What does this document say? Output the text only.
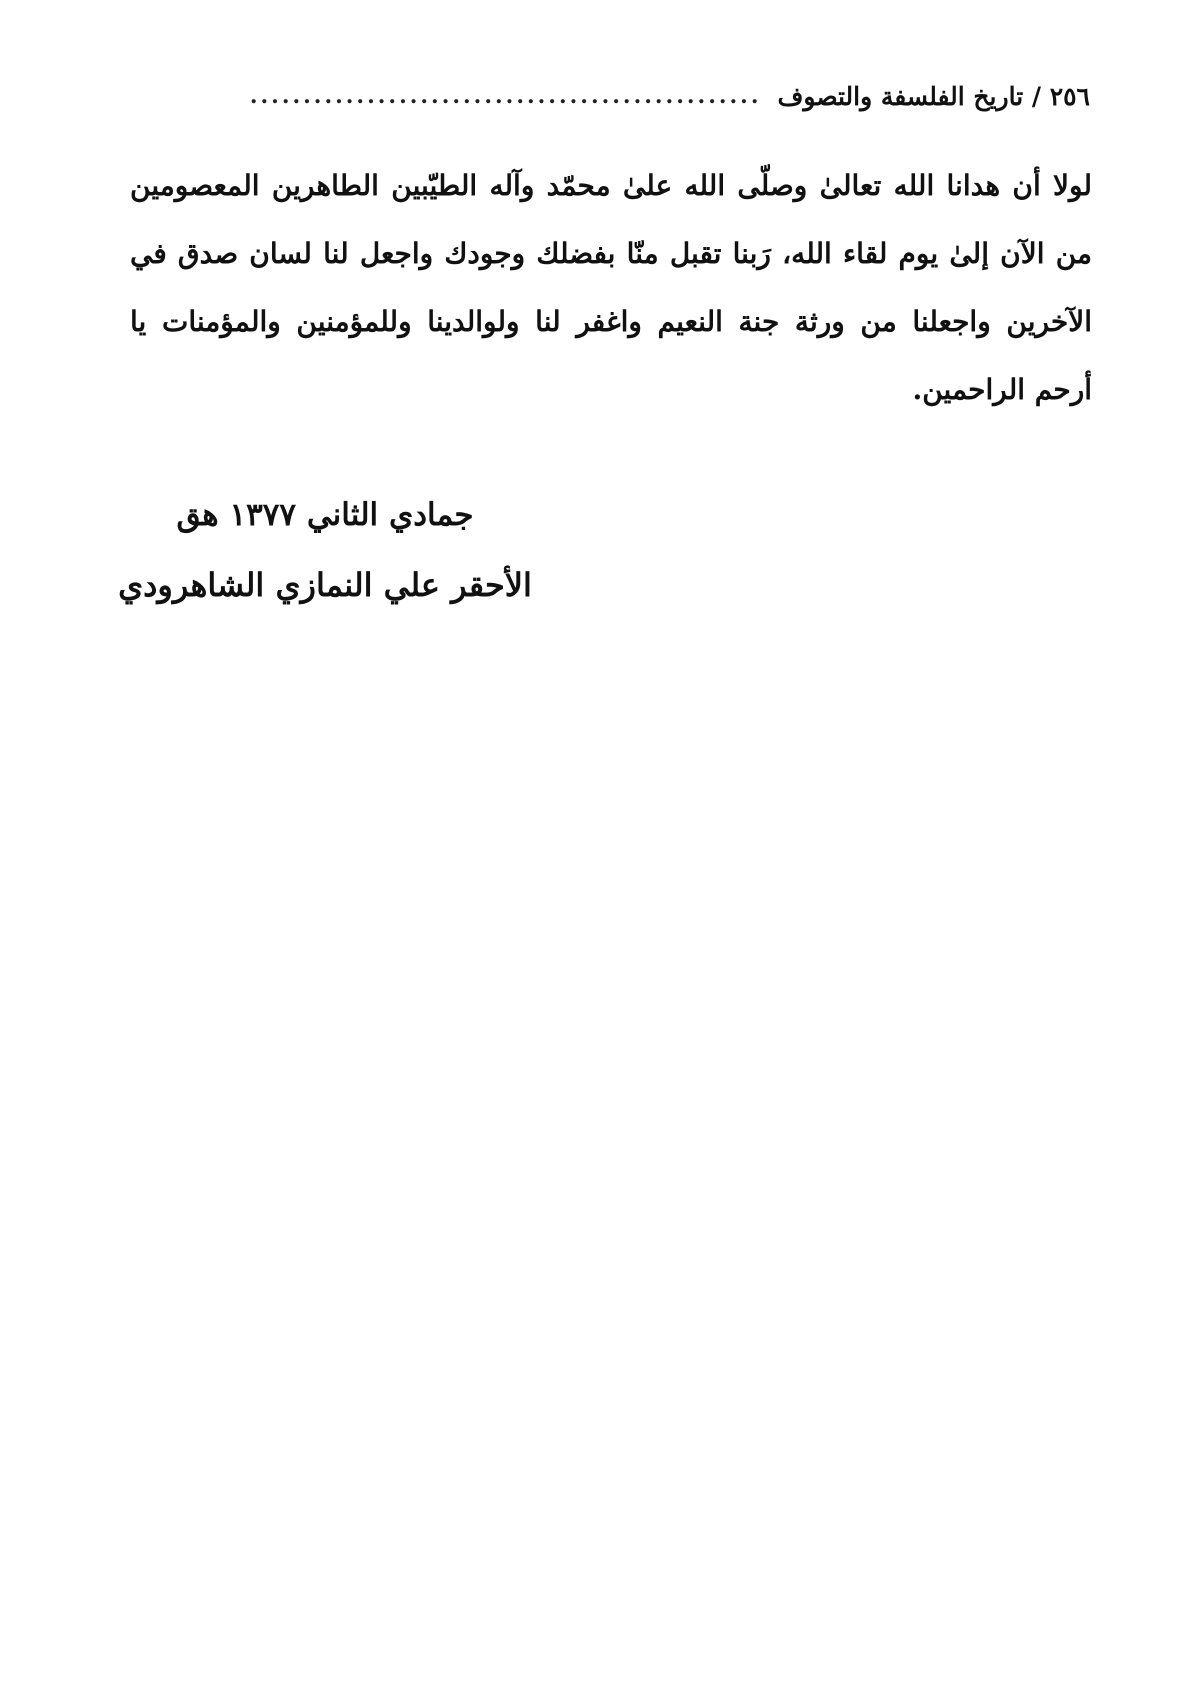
٢٥٦ / تاريخ الفلسفة والتصوف
................................................
لولا أن هدانا الله تعالىٰ وصلّى الله علىٰ محمّد وآله الطيّبين الطاهرين المعصومين
من الآن إلىٰ يوم لقاء الله، رَبنا تقبل منّا بفضلك وجودك واجعل لنا لسان صدق في
الآخرين واجعلنا من ورثة جنة النعيم واغفر لنا ولوالدينا وللمؤمنين والمؤمنات يا
أرحم الراحمين.
جمادي الثاني ١٣٧٧ هق
الأحقر علي النمازي الشاهرودي
